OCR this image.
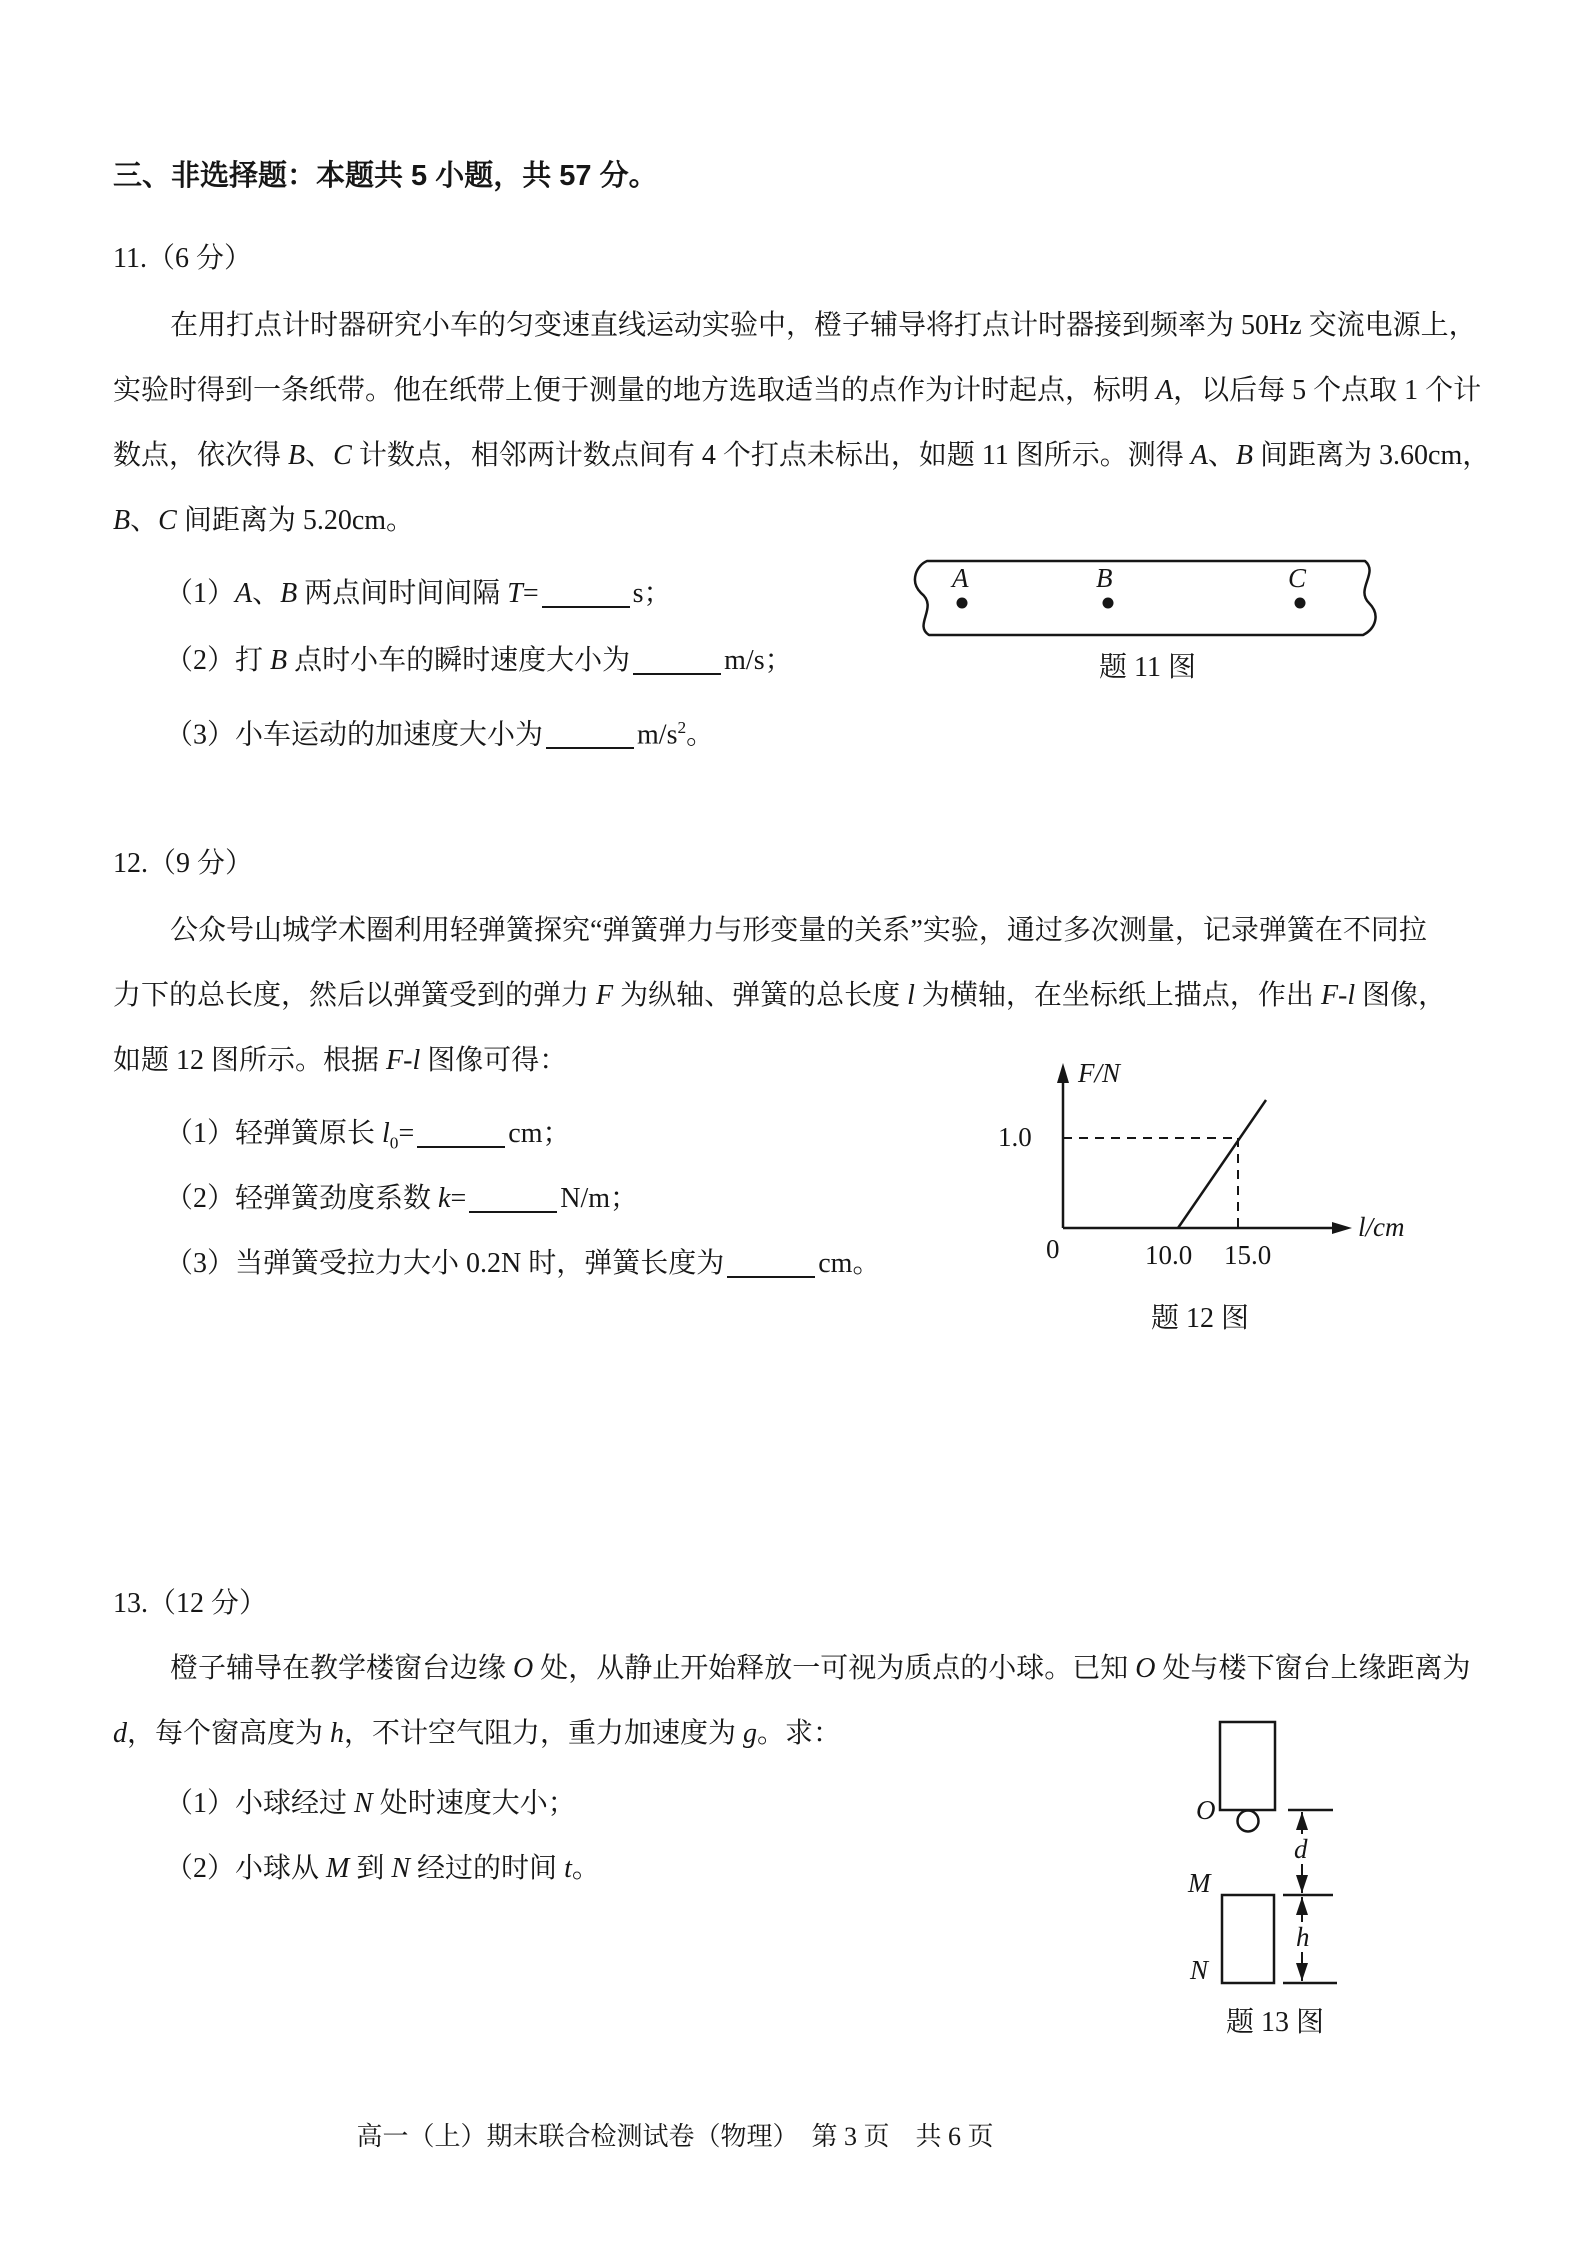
三、非选择题：本题共 5 小题，共 57 分。
11.（6 分）
在用打点计时器研究小车的匀变速直线运动实验中，橙子辅导将打点计时器接到频率为 50Hz 交流电源上，
实验时得到一条纸带。他在纸带上便于测量的地方选取适当的点作为计时起点，标明 A，以后每 5 个点取 1 个计
数点，依次得 B、C 计数点，相邻两计数点间有 4 个打点未标出，如题 11 图所示。测得 A、B 间距离为 3.60cm，
B、C 间距离为 5.20cm。
（1）A、B 两点间时间间隔 T=	s；
（2）打 B 点时小车的瞬时速度大小为	m/s；
（3）小车运动的加速度大小为	$m/s^2$。
A	B	C
题 11 图
12.（9 分）
公众号山城学术圈利用轻弹簧探究“弹簧弹力与形变量的关系”实验，通过多次测量，记录弹簧在不同拉
力下的总长度，然后以弹簧受到的弹力 F 为纵轴、弹簧的总长度 l 为横轴，在坐标纸上描点，作出 F-l 图像，
如题 12 图所示。根据 F-l 图像可得：
（1）轻弹簧原长 $l_0=$	cm；
（2）轻弹簧劲度系数 k=	N/m；
（3）当弹簧受拉力大小 0.2N 时，弹簧长度为	cm。
F/N
1.0
0	10.0 15.0
l/cm
题 12 图
13.（12 分）
橙子辅导在教学楼窗台边缘 O 处，从静止开始释放一可视为质点的小球。已知 O 处与楼下窗台上缘距离为
d，每个窗高度为 h，不计空气阻力，重力加速度为 g。求：
（1）小球经过 N 处时速度大小；
（2）小球从 M 到 N 经过的时间 t。
O
M
N
d
h
题 13 图
高一（上）期末联合检测试卷（物理）　第 3 页　共 6 页
